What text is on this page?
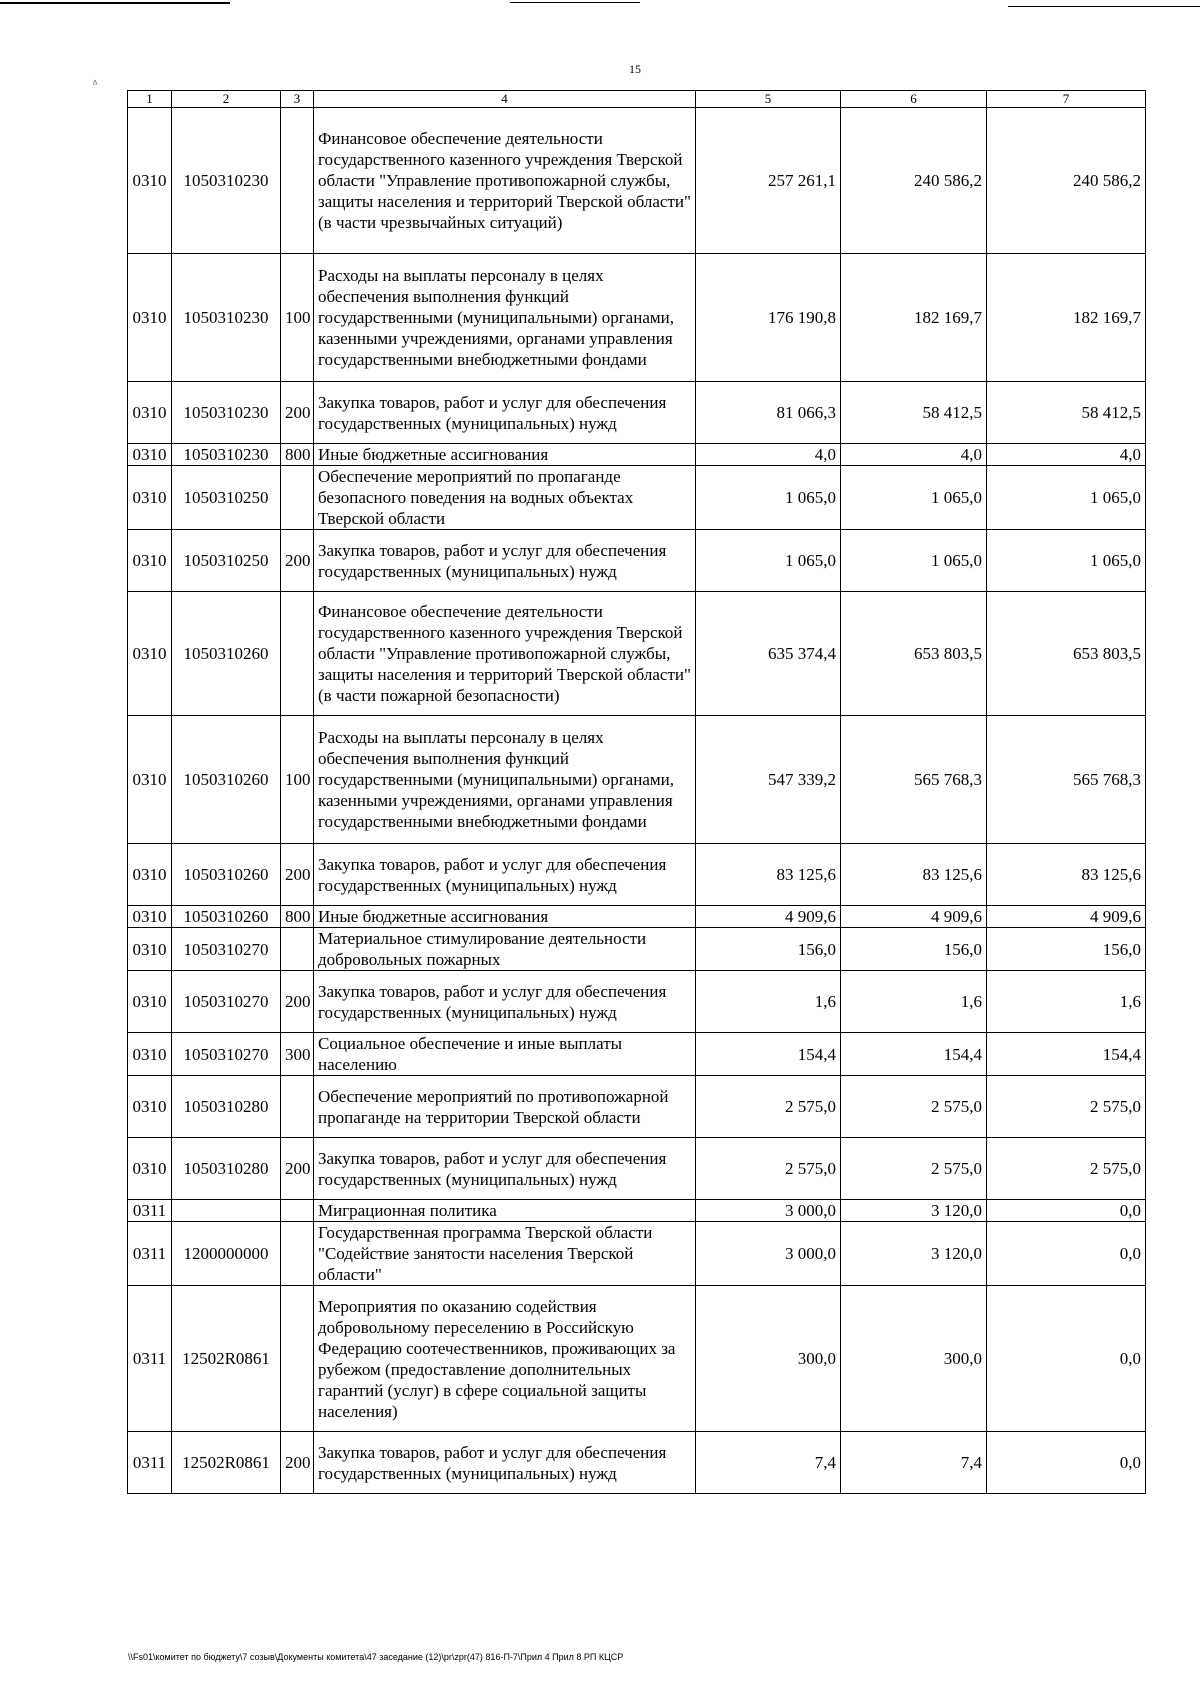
ᐞ
15
1	2	3	4	5	6	7
0310	1050310230		Финансовое обеспечение деятельности государственного казенного учреждения Тверской области "Управление противопожарной службы, защиты населения и территорий Тверской области" (в части чрезвычайных ситуаций)	257 261,1	240 586,2	240 586,2
0310	1050310230	100	Расходы на выплаты персоналу в целях обеспечения выполнения функций государственными (муниципальными) органами, казенными учреждениями, органами управления государственными внебюджетными фондами	176 190,8	182 169,7	182 169,7
0310	1050310230	200	Закупка товаров, работ и услуг для обеспечения государственных (муниципальных) нужд	81 066,3	58 412,5	58 412,5
0310	1050310230	800	Иные бюджетные ассигнования	4,0	4,0	4,0
0310	1050310250		Обеспечение мероприятий по пропаганде безопасного поведения на водных объектах Тверской области	1 065,0	1 065,0	1 065,0
0310	1050310250	200	Закупка товаров, работ и услуг для обеспечения государственных (муниципальных) нужд	1 065,0	1 065,0	1 065,0
0310	1050310260		Финансовое обеспечение деятельности государственного казенного учреждения Тверской области "Управление противопожарной службы, защиты населения и территорий Тверской области" (в части пожарной безопасности)	635 374,4	653 803,5	653 803,5
0310	1050310260	100	Расходы на выплаты персоналу в целях обеспечения выполнения функций государственными (муниципальными) органами, казенными учреждениями, органами управления государственными внебюджетными фондами	547 339,2	565 768,3	565 768,3
0310	1050310260	200	Закупка товаров, работ и услуг для обеспечения государственных (муниципальных) нужд	83 125,6	83 125,6	83 125,6
0310	1050310260	800	Иные бюджетные ассигнования	4 909,6	4 909,6	4 909,6
0310	1050310270		Материальное стимулирование деятельности добровольных пожарных	156,0	156,0	156,0
0310	1050310270	200	Закупка товаров, работ и услуг для обеспечения государственных (муниципальных) нужд	1,6	1,6	1,6
0310	1050310270	300	Социальное обеспечение и иные выплаты населению	154,4	154,4	154,4
0310	1050310280		Обеспечение мероприятий по противопожарной пропаганде на территории Тверской области	2 575,0	2 575,0	2 575,0
0310	1050310280	200	Закупка товаров, работ и услуг для обеспечения государственных (муниципальных) нужд	2 575,0	2 575,0	2 575,0
0311			Миграционная политика	3 000,0	3 120,0	0,0
0311	1200000000		Государственная программа Тверской области "Содействие занятости населения Тверской области"	3 000,0	3 120,0	0,0
0311	12502R0861		Мероприятия по оказанию содействия добровольному переселению в Российскую Федерацию соотечественников, проживающих за рубежом (предоставление дополнительных гарантий (услуг) в сфере социальной защиты населения)	300,0	300,0	0,0
0311	12502R0861	200	Закупка товаров, работ и услуг для обеспечения государственных (муниципальных) нужд	7,4	7,4	0,0
\\Fs01\комитет по бюджету\7 созыв\Документы комитета\47 заседание (12)\pr\zpr(47) 816-П-7\Прил 4 Прил 8 РП КЦСР
